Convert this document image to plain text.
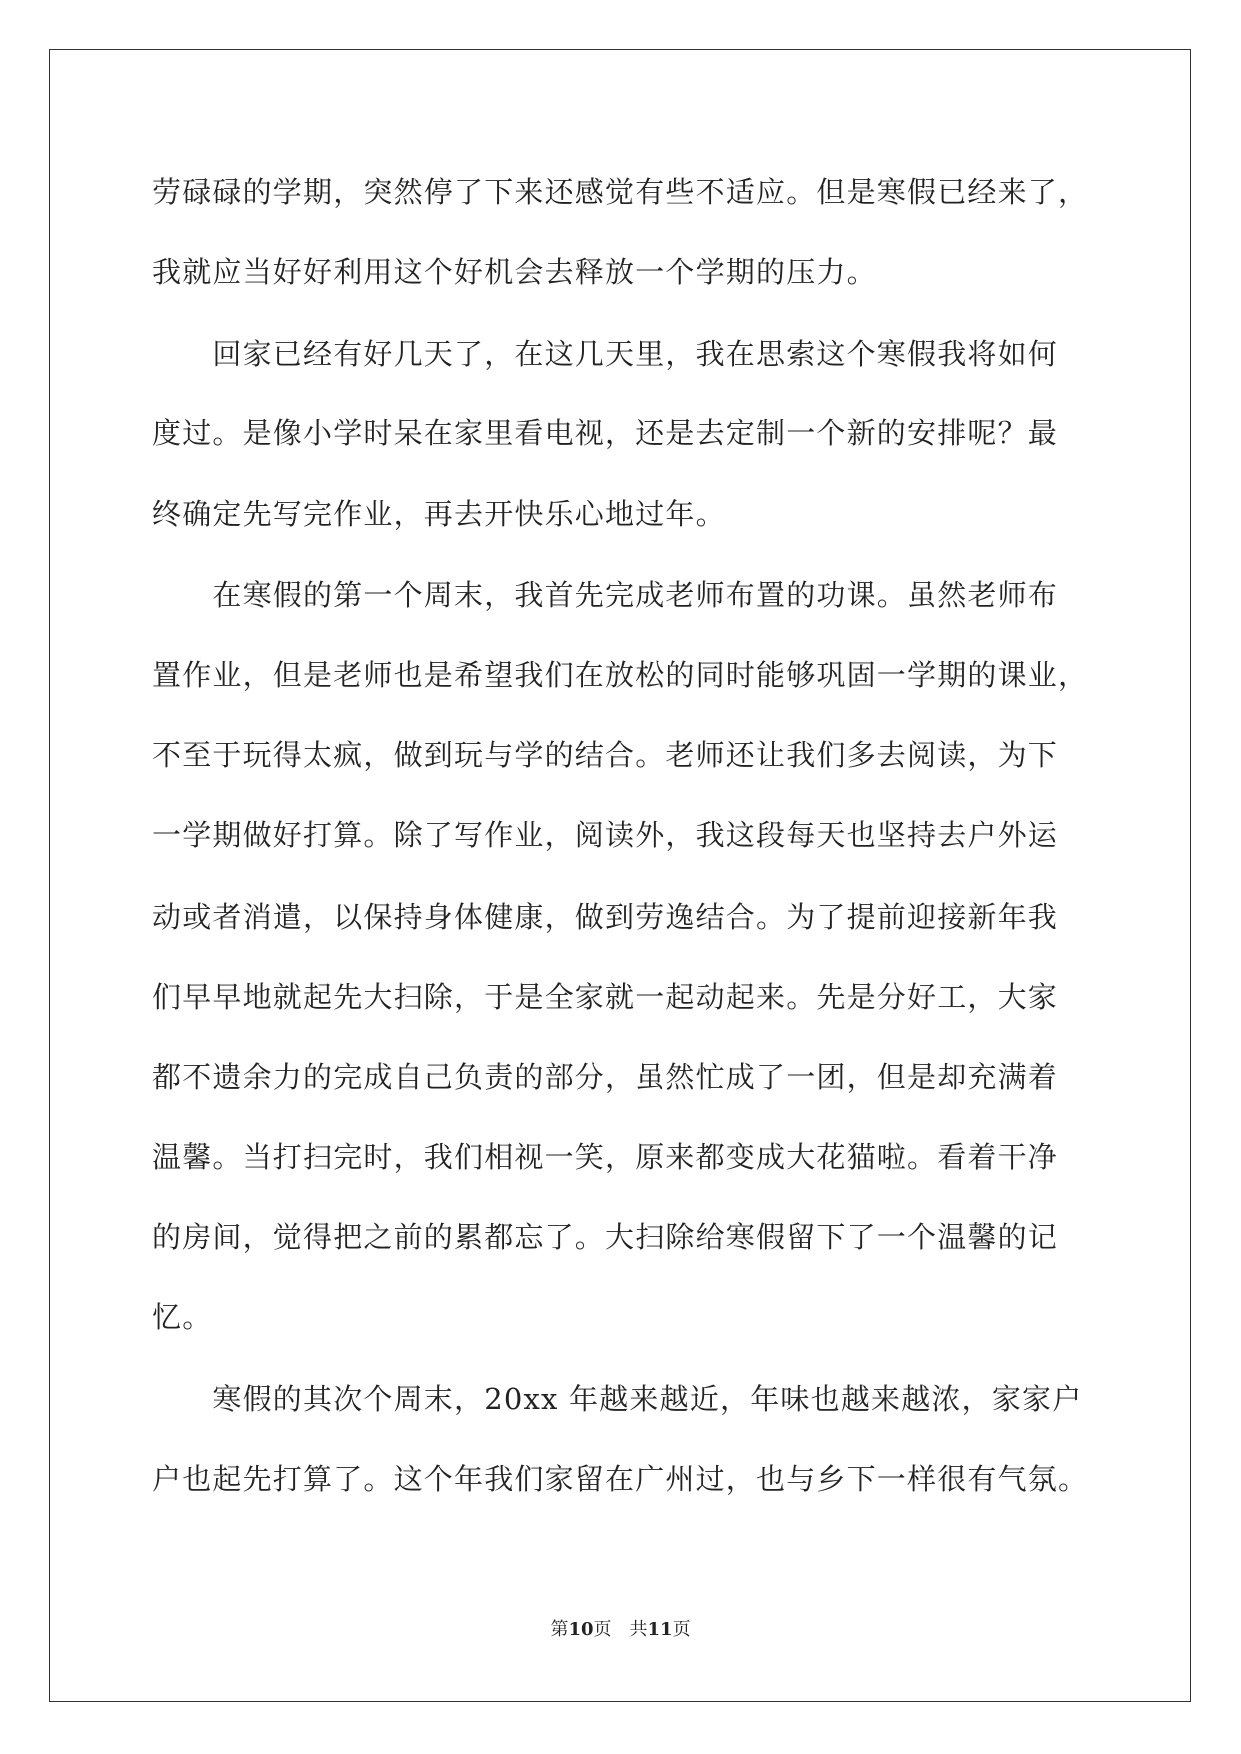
劳碌碌的学期，突然停了下来还感觉有些不适应。但是寒假已经来了，
我就应当好好利用这个好机会去释放一个学期的压力。
　　回家已经有好几天了，在这几天里，我在思索这个寒假我将如何
度过。是像小学时呆在家里看电视，还是去定制一个新的安排呢？最
终确定先写完作业，再去开快乐心地过年。
　　在寒假的第一个周末，我首先完成老师布置的功课。虽然老师布
置作业，但是老师也是希望我们在放松的同时能够巩固一学期的课业，
不至于玩得太疯，做到玩与学的结合。老师还让我们多去阅读，为下
一学期做好打算。除了写作业，阅读外，我这段每天也坚持去户外运
动或者消遣，以保持身体健康，做到劳逸结合。为了提前迎接新年我
们早早地就起先大扫除，于是全家就一起动起来。先是分好工，大家
都不遗余力的完成自己负责的部分，虽然忙成了一团，但是却充满着
温馨。当打扫完时，我们相视一笑，原来都变成大花猫啦。看着干净
的房间，觉得把之前的累都忘了。大扫除给寒假留下了一个温馨的记
忆。
　　寒假的其次个周末，20xx 年越来越近，年味也越来越浓，家家户
户也起先打算了。这个年我们家留在广州过，也与乡下一样很有气氛。
第10页　共11页
